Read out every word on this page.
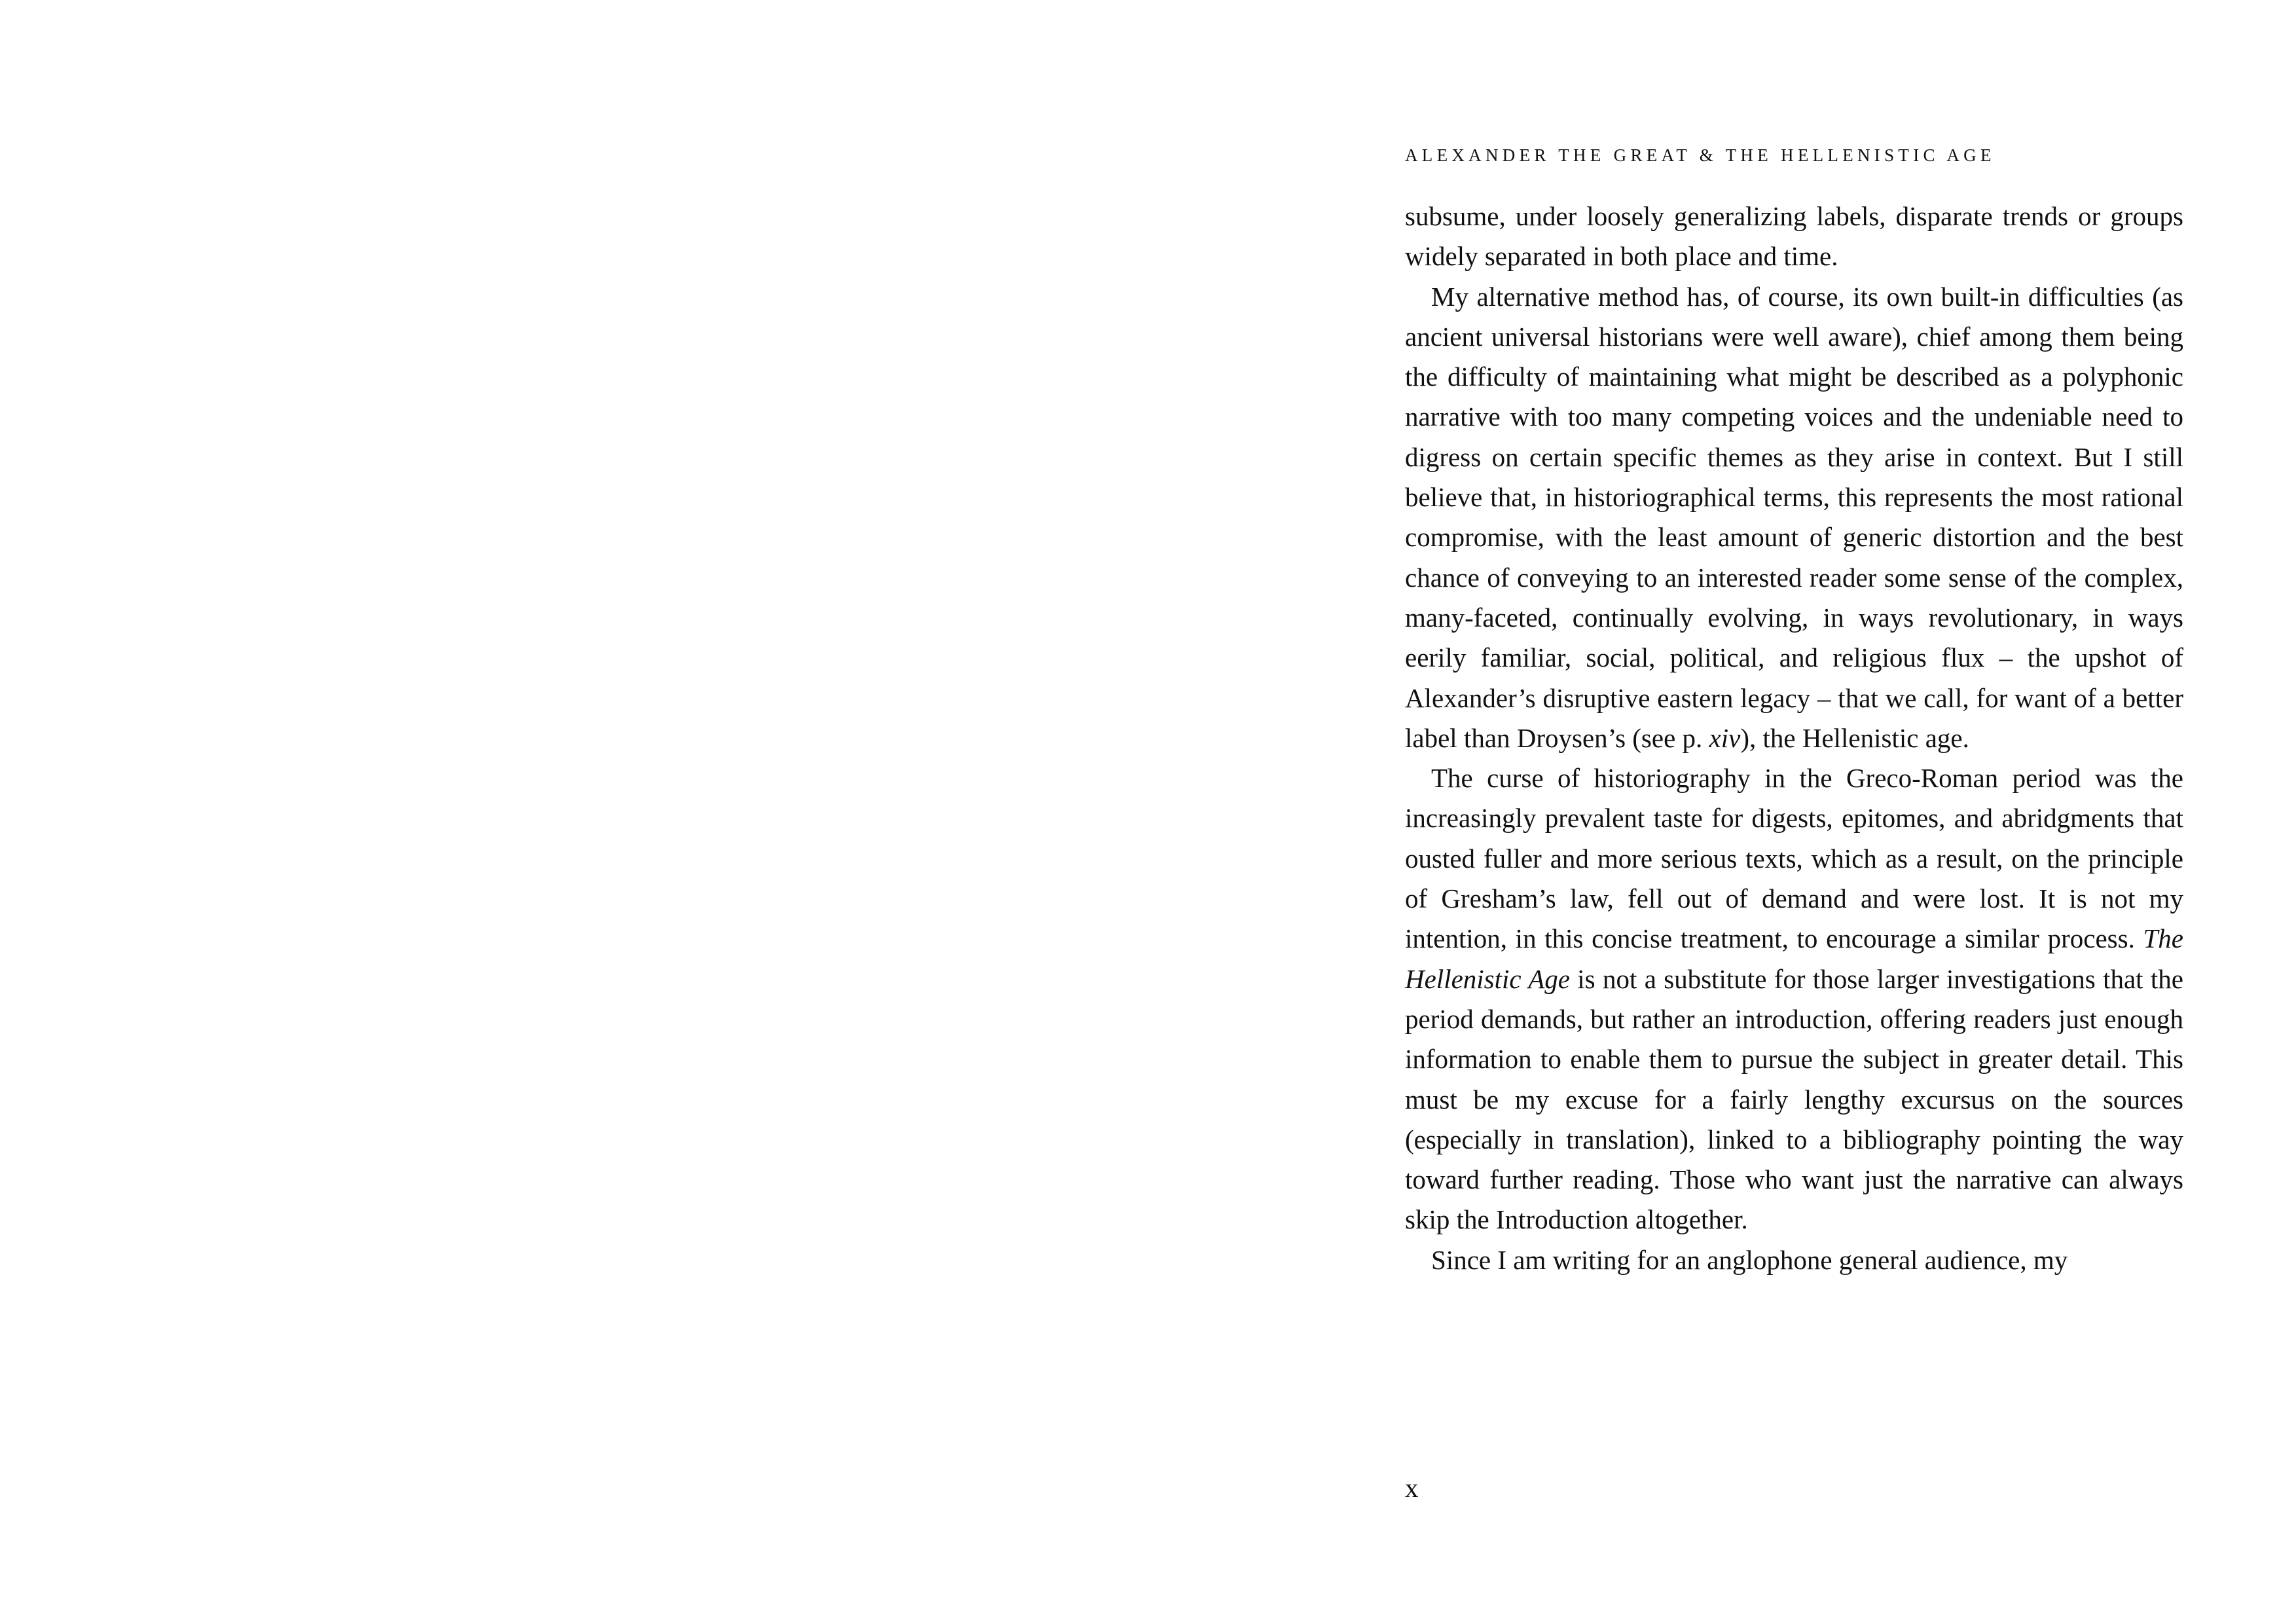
ALEXANDER THE GREAT & THE HELLENISTIC AGE

subsume, under loosely generalizing labels, disparate trends or groups widely separated in both place and time.

My alternative method has, of course, its own built-in difficulties (as ancient universal historians were well aware), chief among them being the difficulty of maintaining what might be described as a polyphonic narrative with too many competing voices and the undeniable need to digress on certain specific themes as they arise in context. But I still believe that, in historiographical terms, this represents the most rational compromise, with the least amount of generic distortion and the best chance of conveying to an interested reader some sense of the complex, many-faceted, continually evolving, in ways revolutionary, in ways eerily familiar, social, political, and religious flux – the upshot of Alexander’s disruptive eastern legacy – that we call, for want of a better label than Droysen’s (see p. xiv), the Hellenistic age.

The curse of historiography in the Greco-Roman period was the increasingly prevalent taste for digests, epitomes, and abridgments that ousted fuller and more serious texts, which as a result, on the principle of Gresham’s law, fell out of demand and were lost. It is not my intention, in this concise treatment, to encourage a similar process. The Hellenistic Age is not a substitute for those larger investigations that the period demands, but rather an introduction, offering readers just enough information to enable them to pursue the subject in greater detail. This must be my excuse for a fairly lengthy excursus on the sources (especially in translation), linked to a bibliography pointing the way toward further reading. Those who want just the narrative can always skip the Introduction altogether.

Since I am writing for an anglophone general audience, my

x
